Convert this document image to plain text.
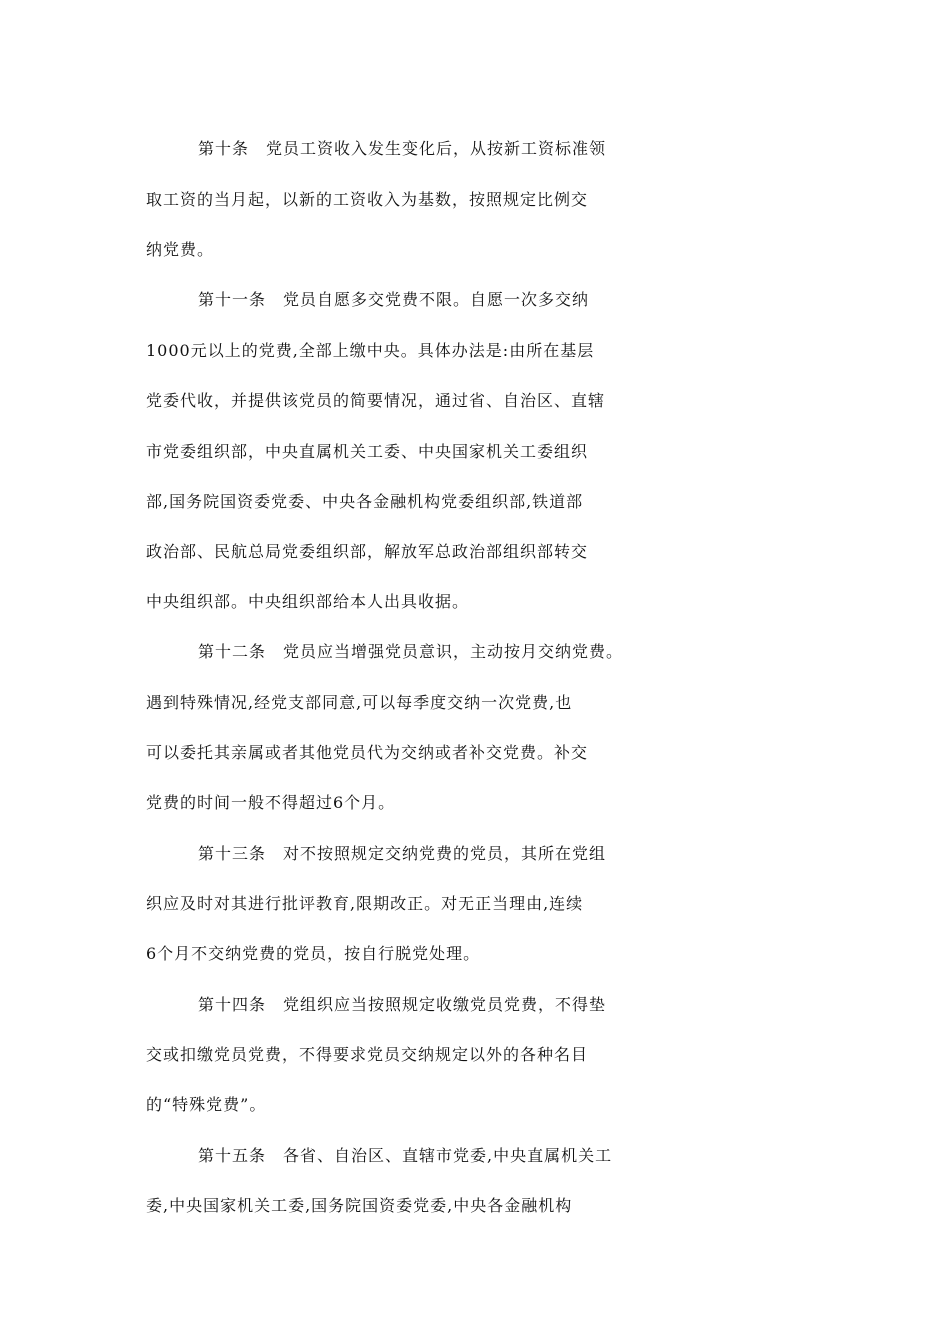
第十条　党员工资收入发生变化后，从按新工资标准领
取工资的当月起，以新的工资收入为基数，按照规定比例交
纳党费。
第十一条　党员自愿多交党费不限。自愿一次多交纳
1000元以上的党费,全部上缴中央。具体办法是:由所在基层
党委代收，并提供该党员的简要情况，通过省、自治区、直辖
市党委组织部，中央直属机关工委、中央国家机关工委组织
部,国务院国资委党委、中央各金融机构党委组织部,铁道部
政治部、民航总局党委组织部，解放军总政治部组织部转交
中央组织部。中央组织部给本人出具收据。
第十二条　党员应当增强党员意识，主动按月交纳党费。
遇到特殊情况,经党支部同意,可以每季度交纳一次党费,也
可以委托其亲属或者其他党员代为交纳或者补交党费。补交
党费的时间一般不得超过6个月。
第十三条　对不按照规定交纳党费的党员，其所在党组
织应及时对其进行批评教育,限期改正。对无正当理由,连续
6个月不交纳党费的党员，按自行脱党处理。
第十四条　党组织应当按照规定收缴党员党费，不得垫
交或扣缴党员党费，不得要求党员交纳规定以外的各种名目
的“特殊党费”。
第十五条　各省、自治区、直辖市党委,中央直属机关工
委,中央国家机关工委,国务院国资委党委,中央各金融机构
